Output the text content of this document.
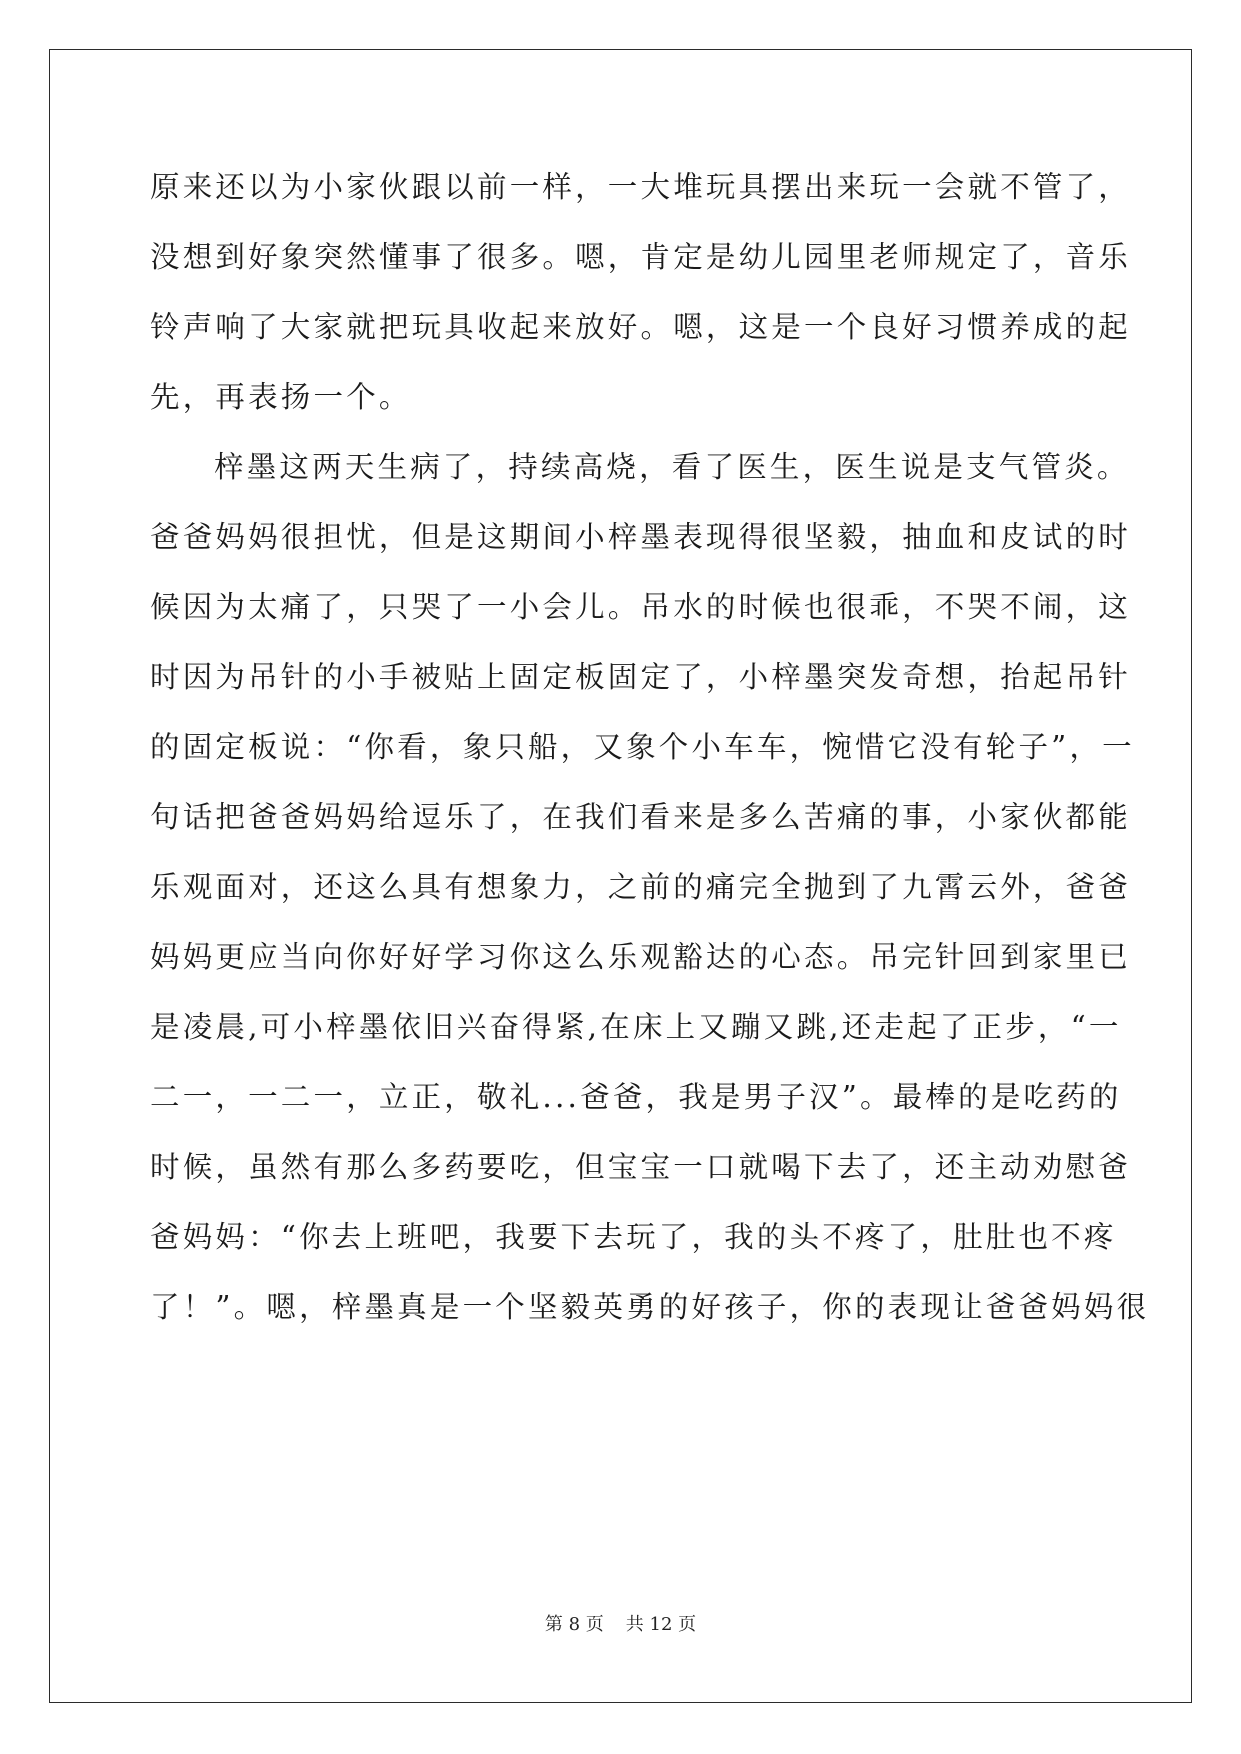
原来还以为小家伙跟以前一样，一大堆玩具摆出来玩一会就不管了，
没想到好象突然懂事了很多。嗯，肯定是幼儿园里老师规定了，音乐
铃声响了大家就把玩具收起来放好。嗯，这是一个良好习惯养成的起
先，再表扬一个。
梓墨这两天生病了，持续高烧，看了医生，医生说是支气管炎。
爸爸妈妈很担忧，但是这期间小梓墨表现得很坚毅，抽血和皮试的时
候因为太痛了，只哭了一小会儿。吊水的时候也很乖，不哭不闹，这
时因为吊针的小手被贴上固定板固定了，小梓墨突发奇想，抬起吊针
的固定板说：“你看，象只船，又象个小车车，惋惜它没有轮子”，一
句话把爸爸妈妈给逗乐了，在我们看来是多么苦痛的事，小家伙都能
乐观面对，还这么具有想象力，之前的痛完全抛到了九霄云外，爸爸
妈妈更应当向你好好学习你这么乐观豁达的心态。吊完针回到家里已
是凌晨,可小梓墨依旧兴奋得紧,在床上又蹦又跳,还走起了正步，“一
二一，一二一，立正，敬礼...爸爸，我是男子汉”。最棒的是吃药的
时候，虽然有那么多药要吃，但宝宝一口就喝下去了，还主动劝慰爸
爸妈妈：“你去上班吧，我要下去玩了，我的头不疼了，肚肚也不疼
了！”。嗯，梓墨真是一个坚毅英勇的好孩子，你的表现让爸爸妈妈很
第 8 页 共 12 页
